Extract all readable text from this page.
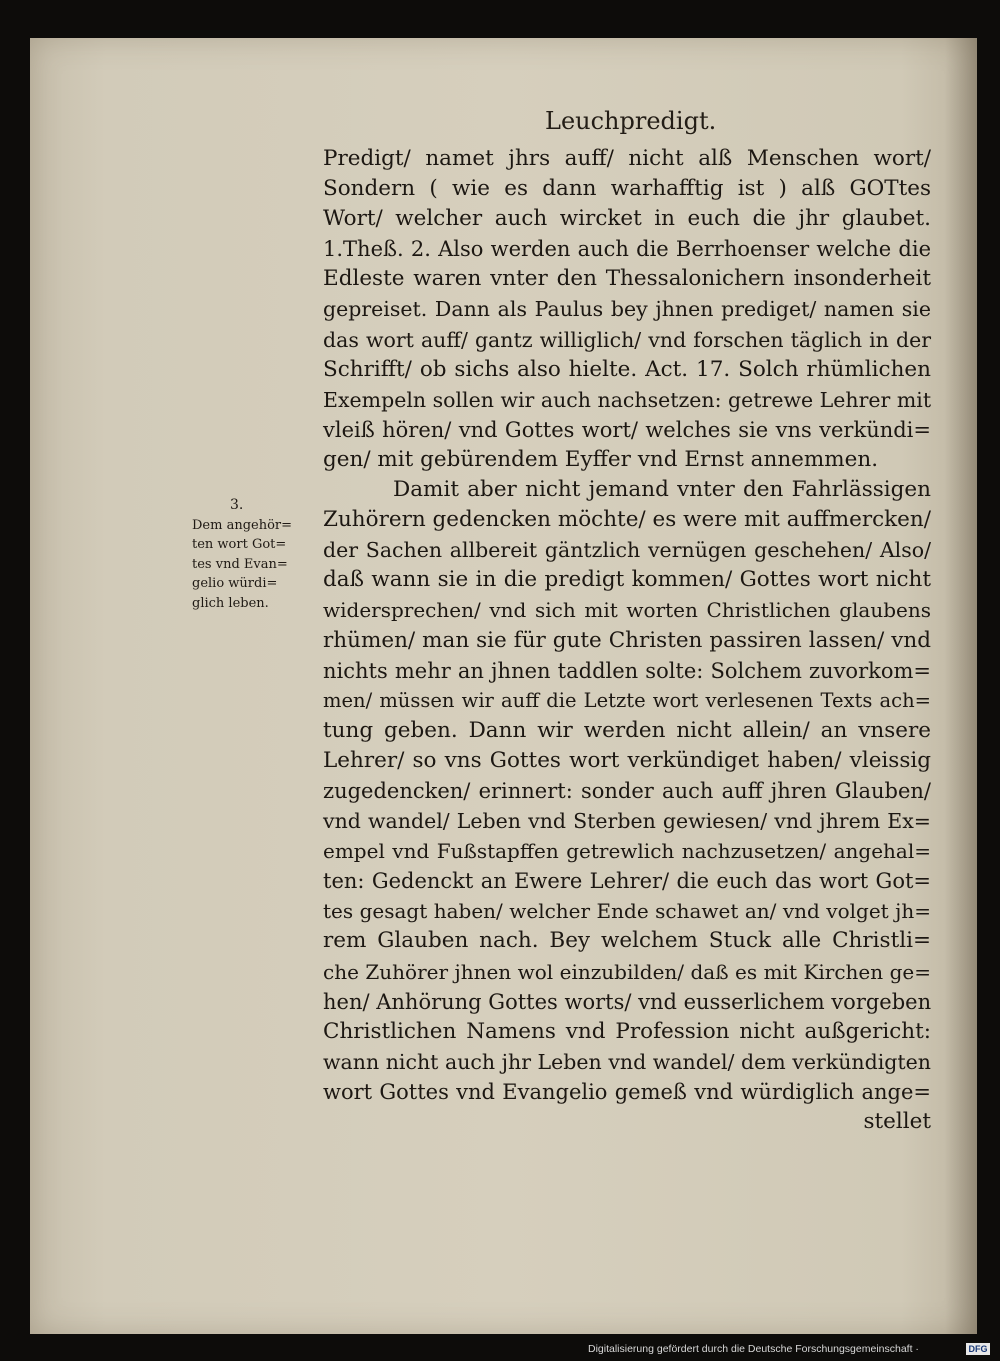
Leuchpredigt.
Predigt/ namet jhrs auff/ nicht alß Menschen wort/
Sondern ( wie es dann warhafftig ist ) alß GOTtes
Wort/ welcher auch wircket in euch die jhr glaubet.
1.Theß. 2. Also werden auch die Berrhoenser welche die
Edleste waren vnter den Thessalonichern insonderheit
gepreiset. Dann als Paulus bey jhnen prediget/ namen sie
das wort auff/ gantz williglich/ vnd forschen täglich in der
Schrifft/ ob sichs also hielte. Act. 17. Solch rhümlichen
Exempeln sollen wir auch nachsetzen: getrewe Lehrer mit
vleiß hören/ vnd Gottes wort/ welches sie vns verkündi=
gen/ mit gebürendem Eyffer vnd Ernst annemmen.
Damit aber nicht jemand vnter den Fahrlässigen
Zuhörern gedencken möchte/ es were mit auffmercken/
der Sachen allbereit gäntzlich vernügen geschehen/ Also/
daß wann sie in die predigt kommen/ Gottes wort nicht
widersprechen/ vnd sich mit worten Christlichen glaubens
rhümen/ man sie für gute Christen passiren lassen/ vnd
nichts mehr an jhnen taddlen solte: Solchem zuvorkom=
men/ müssen wir auff die Letzte wort verlesenen Texts ach=
tung geben. Dann wir werden nicht allein/ an vnsere
Lehrer/ so vns Gottes wort verkündiget haben/ vleissig
zugedencken/ erinnert: sonder auch auff jhren Glauben/
vnd wandel/ Leben vnd Sterben gewiesen/ vnd jhrem Ex=
empel vnd Fußstapffen getrewlich nachzusetzen/ angehal=
ten: Gedenckt an Ewere Lehrer/ die euch das wort Got=
tes gesagt haben/ welcher Ende schawet an/ vnd volget jh=
rem Glauben nach. Bey welchem Stuck alle Christli=
che Zuhörer jhnen wol einzubilden/ daß es mit Kirchen ge=
hen/ Anhörung Gottes worts/ vnd eusserlichem vorgeben
Christlichen Namens vnd Profession nicht außgericht:
wann nicht auch jhr Leben vnd wandel/ dem verkündigten
wort Gottes vnd Evangelio gemeß vnd würdiglich ange=
stellet
3.
Dem angehör=
ten wort Got=
tes vnd Evan=
gelio würdi=
glich leben.
Digitalisierung gefördert durch die Deutsche Forschungsgemeinschaft ·	DFG
